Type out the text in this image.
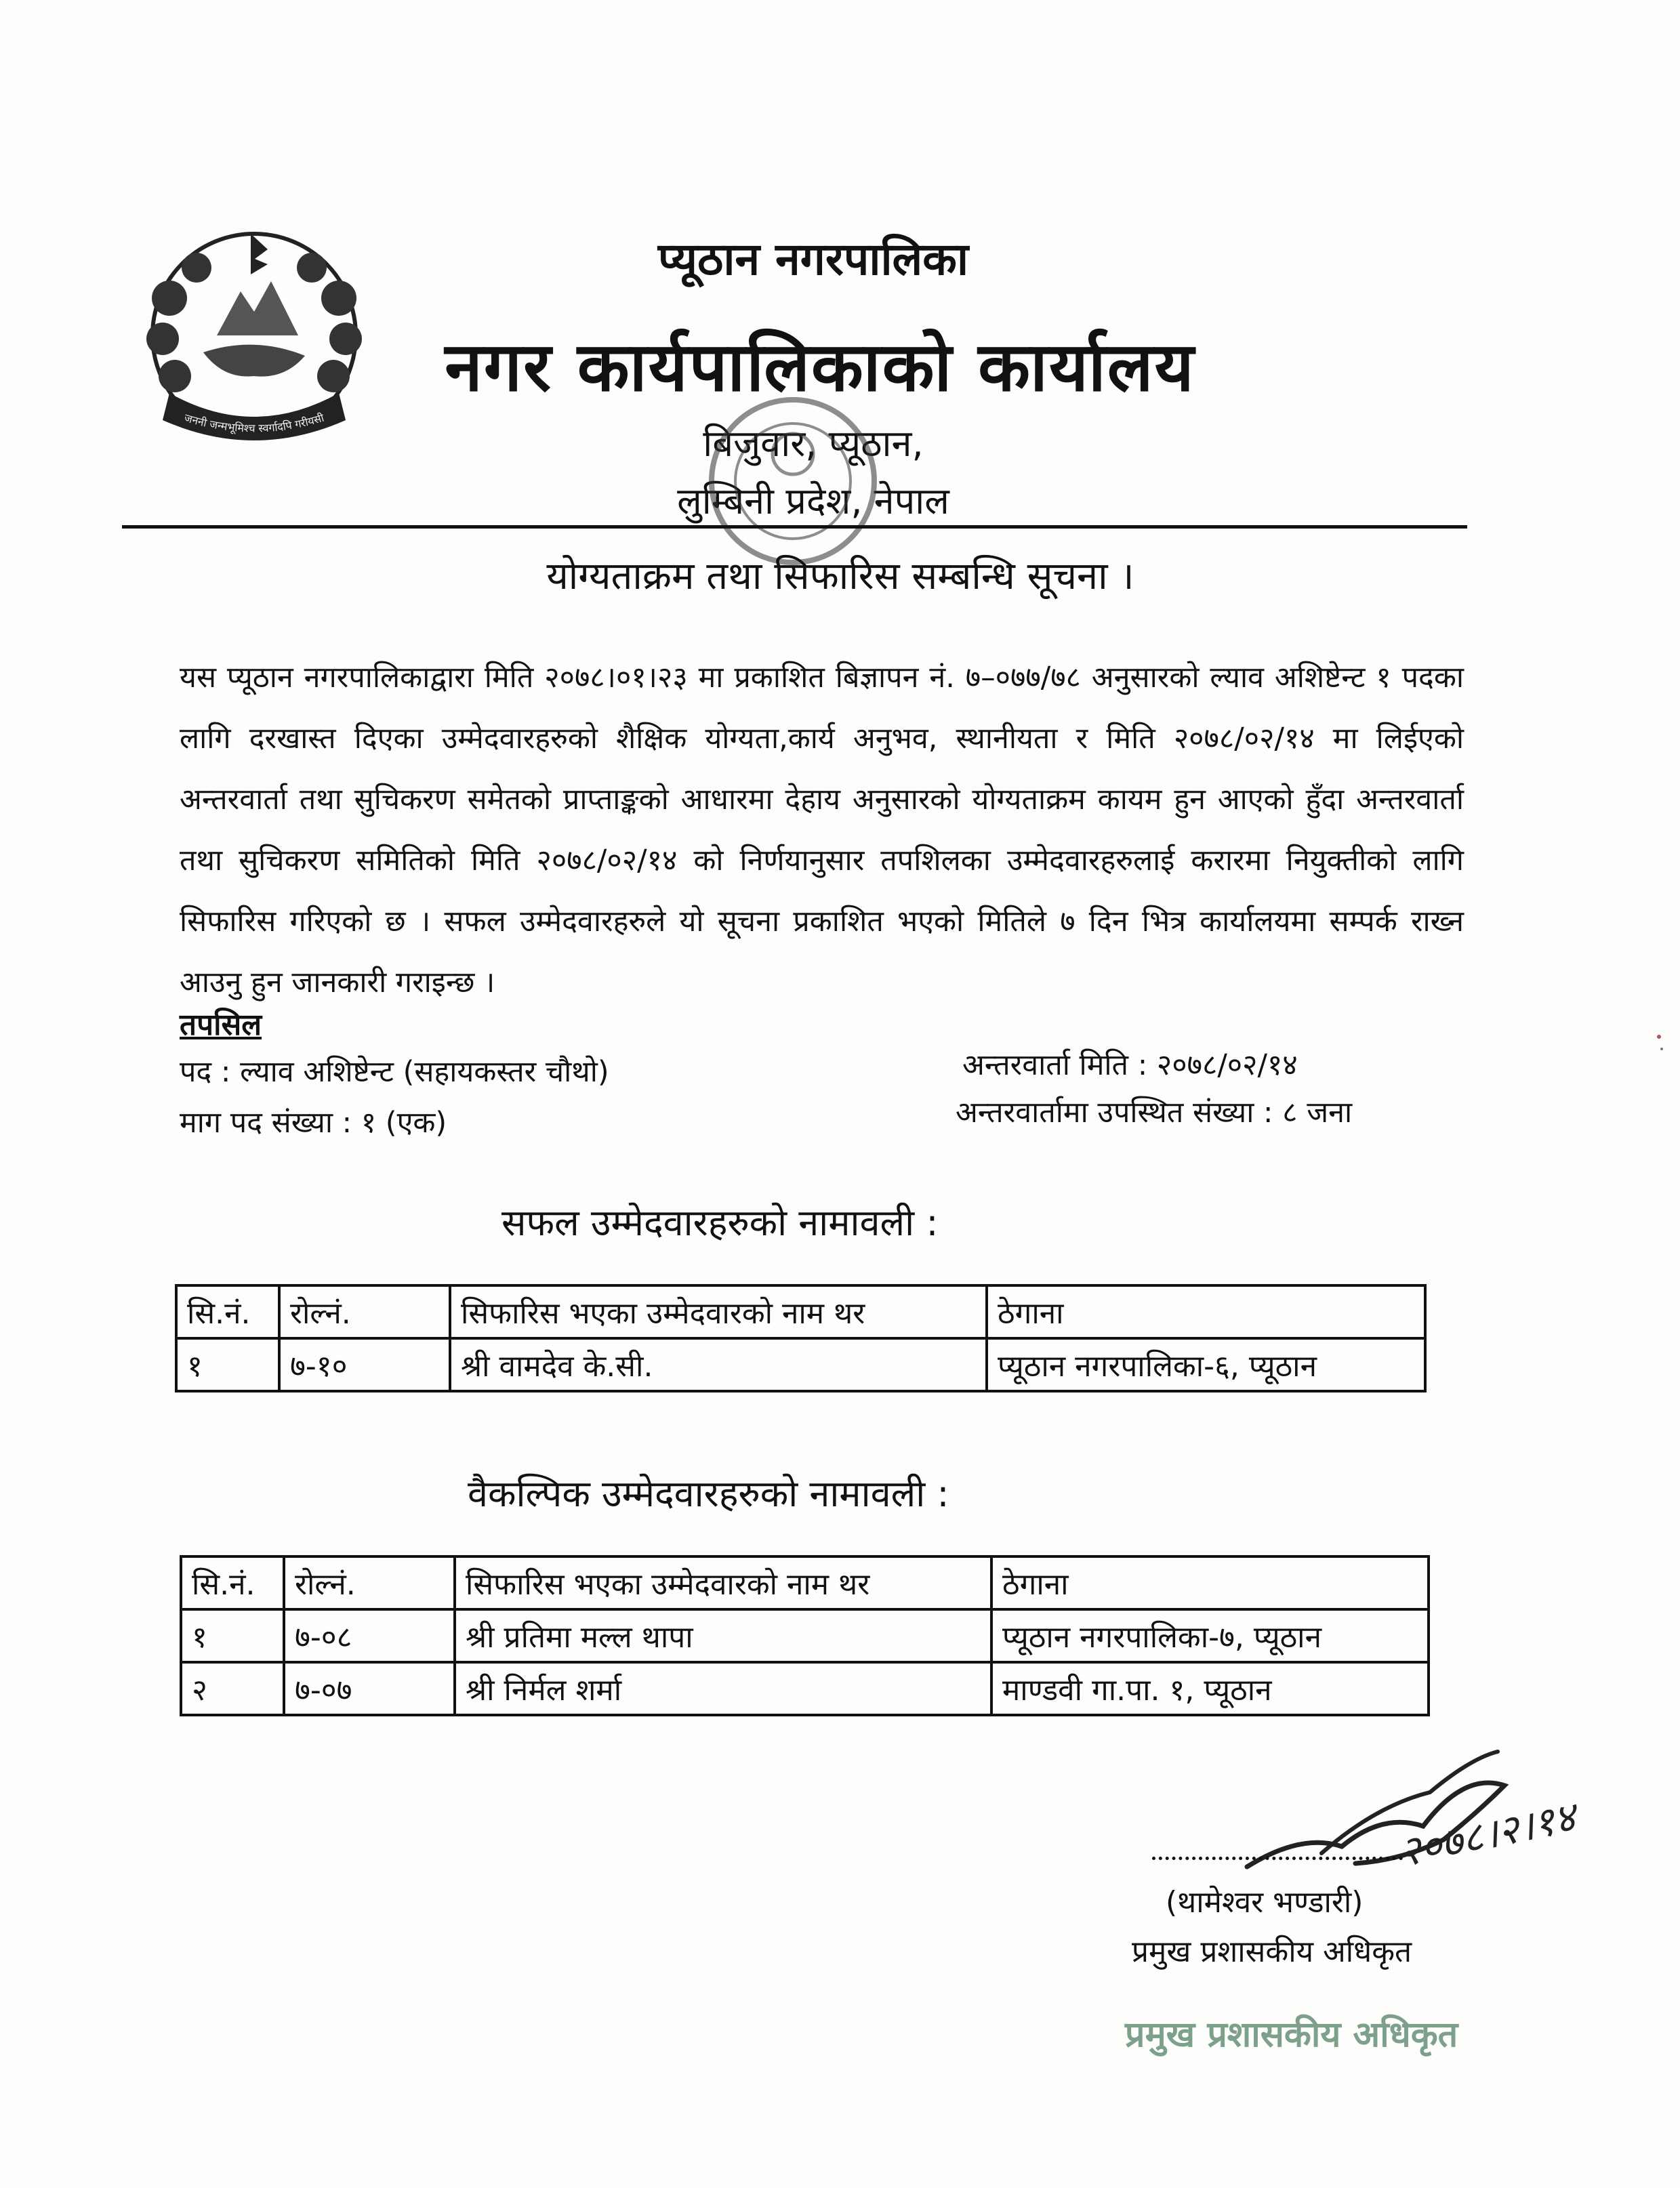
जननी जन्मभूमिश्च स्वर्गादपि गरीयसी
प्यूठान नगरपालिका
नगर कार्यपालिकाको कार्यालय
बिजुवार, प्यूठान,
लुम्बिनी प्रदेश, नेपाल
योग्यताक्रम तथा सिफारिस सम्बन्धि सूचना ।
यस प्यूठान नगरपालिकाद्वारा मिति २०७८।०१।२३ मा प्रकाशित बिज्ञापन नं. ७–०७७/७८ अनुसारको ल्याव अशिष्टेन्ट १ पदका लागि दरखास्त दिएका उम्मेदवारहरुको शैक्षिक योग्यता,कार्य अनुभव, स्थानीयता र मिति २०७८/०२/१४ मा लिईएको अन्तरवार्ता तथा सुचिकरण समेतको प्राप्ताङ्कको आधारमा देहाय अनुसारको योग्यताक्रम कायम हुन आएको हुँदा अन्तरवार्ता तथा सुचिकरण समितिको मिति २०७८/०२/१४ को निर्णयानुसार तपशिलका उम्मेदवारहरुलाई करारमा नियुक्तीको लागि सिफारिस गरिएको छ । सफल उम्मेदवारहरुले यो सूचना प्रकाशित भएको मितिले ७ दिन भित्र कार्यालयमा सम्पर्क राख्न आउनु हुन जानकारी गराइन्छ ।
तपसिल
पद : ल्याव अशिष्टेन्ट (सहायकस्तर चौथो)
माग पद संख्या : १ (एक)
अन्तरवार्ता मिति : २०७८/०२/१४
अन्तरवार्तामा उपस्थित संख्या : ८ जना
सफल उम्मेदवारहरुको नामावली :
सि.नं.	रोल्नं.	सिफारिस भएका उम्मेदवारको नाम थर	ठेगाना
१	७-१०	श्री वामदेव के.सी.	प्यूठान नगरपालिका-६, प्यूठान
वैकल्पिक उम्मेदवारहरुको नामावली :
सि.नं.	रोल्नं.	सिफारिस भएका उम्मेदवारको नाम थर	ठेगाना
१	७-०८	श्री प्रतिमा मल्ल थापा	प्यूठान नगरपालिका-७, प्यूठान
२	७-०७	श्री निर्मल शर्मा	माण्डवी गा.पा. १, प्यूठान
२०७८।२।१४
(थामेश्वर भण्डारी)
प्रमुख प्रशासकीय अधिकृत
प्रमुख प्रशासकीय अधिकृत
